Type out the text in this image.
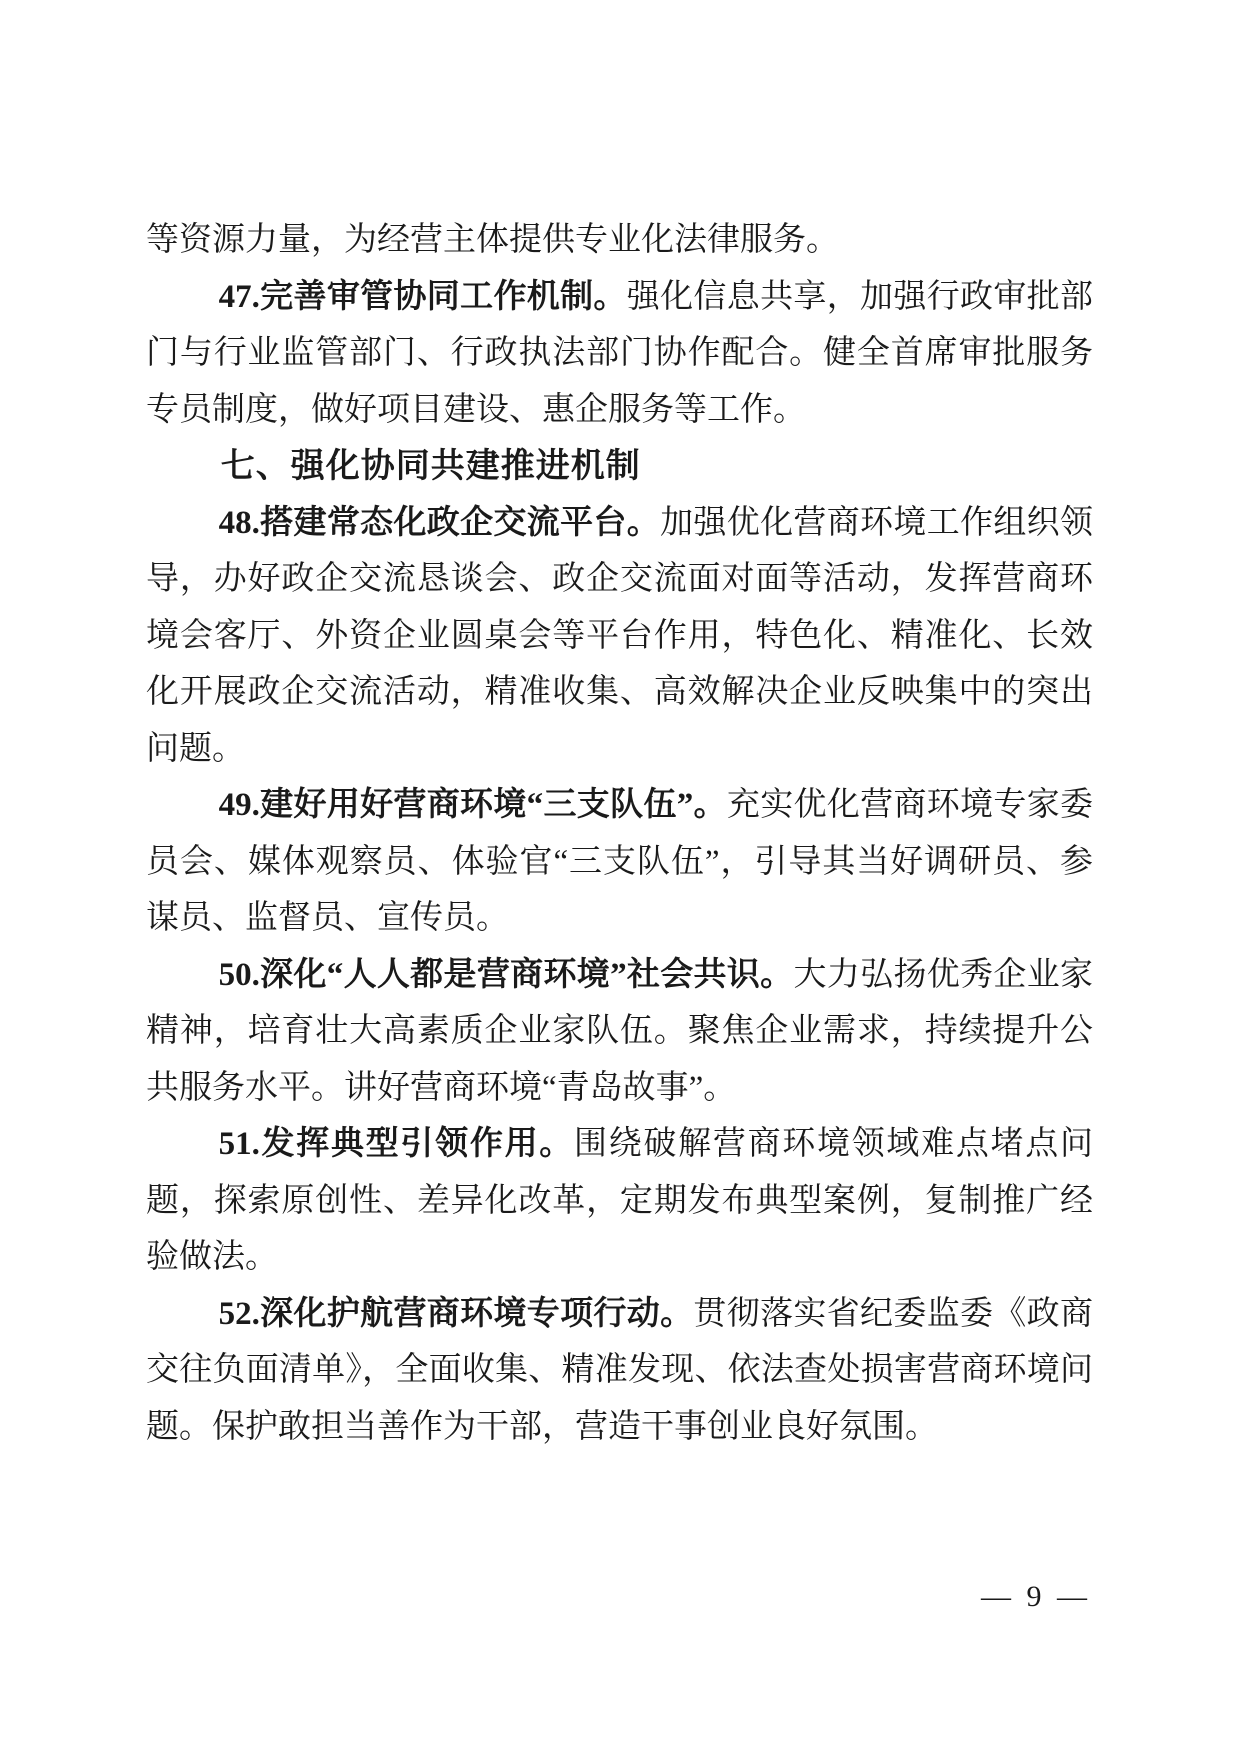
等资源力量，为经营主体提供专业化法律服务。

47.完善审管协同工作机制。强化信息共享，加强行政审批部门与行业监管部门、行政执法部门协作配合。健全首席审批服务专员制度，做好项目建设、惠企服务等工作。

七、强化协同共建推进机制

48.搭建常态化政企交流平台。加强优化营商环境工作组织领导，办好政企交流恳谈会、政企交流面对面等活动，发挥营商环境会客厅、外资企业圆桌会等平台作用，特色化、精准化、长效化开展政企交流活动，精准收集、高效解决企业反映集中的突出问题。

49.建好用好营商环境“三支队伍”。充实优化营商环境专家委员会、媒体观察员、体验官“三支队伍”，引导其当好调研员、参谋员、监督员、宣传员。

50.深化“人人都是营商环境”社会共识。大力弘扬优秀企业家精神，培育壮大高素质企业家队伍。聚焦企业需求，持续提升公共服务水平。讲好营商环境“青岛故事”。

51.发挥典型引领作用。围绕破解营商环境领域难点堵点问题，探索原创性、差异化改革，定期发布典型案例，复制推广经验做法。

52.深化护航营商环境专项行动。贯彻落实省纪委监委《政商交往负面清单》，全面收集、精准发现、依法查处损害营商环境问题。保护敢担当善作为干部，营造干事创业良好氛围。

— 9 —
